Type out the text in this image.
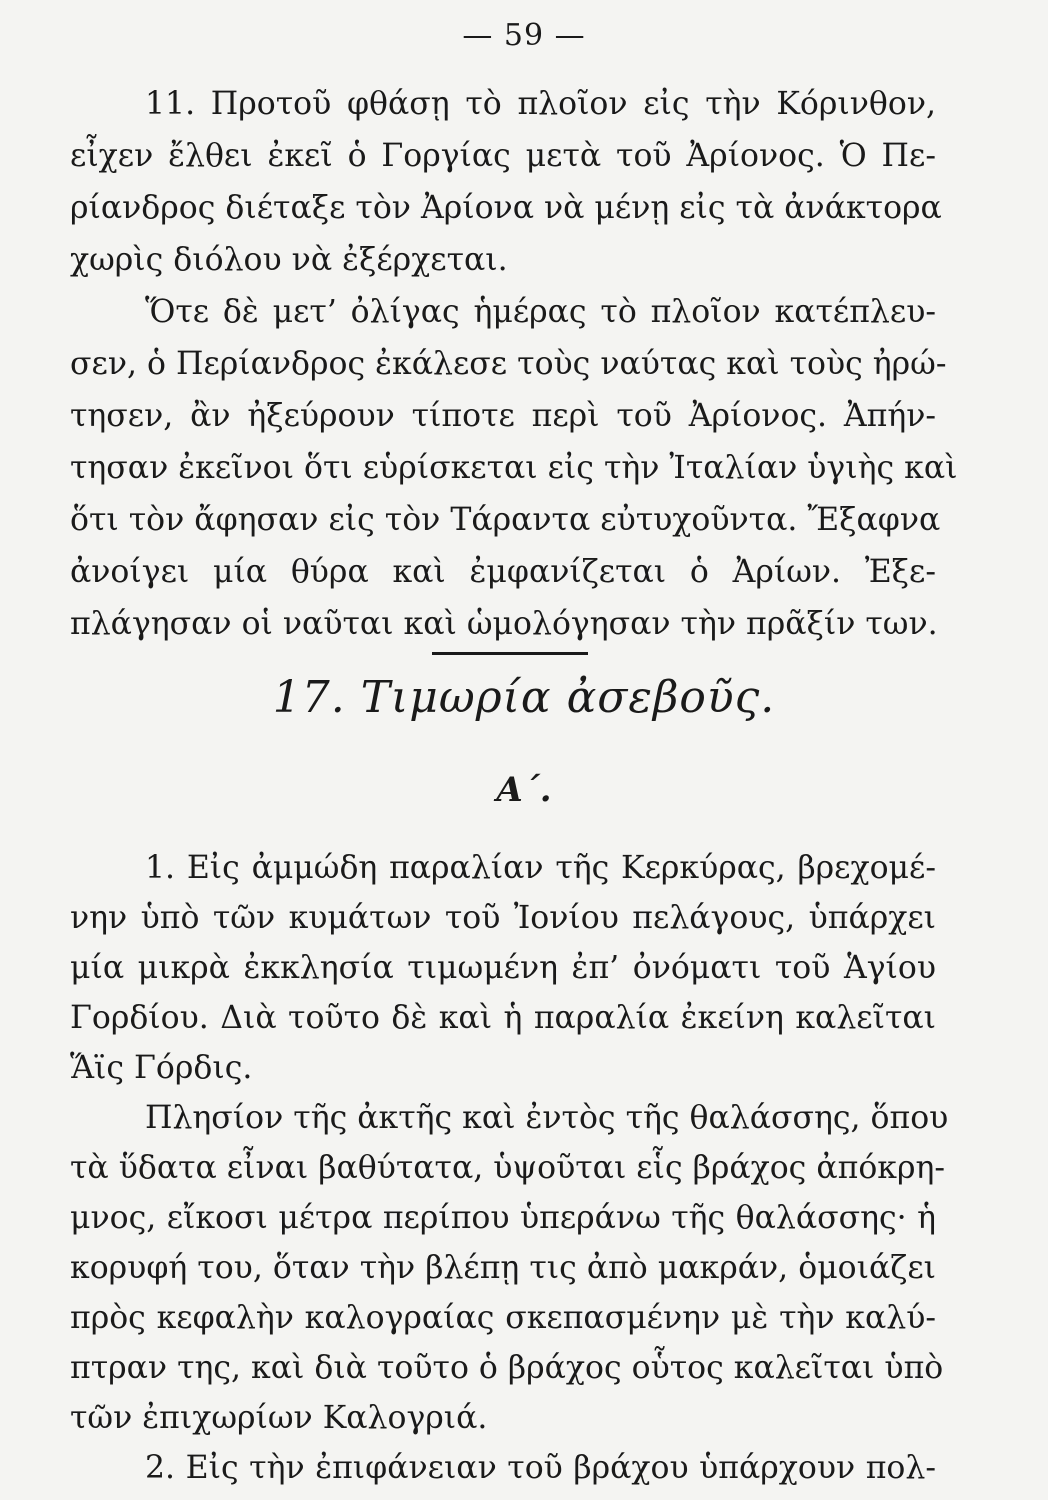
— 59 —
11. Προτοῦ φθάσῃ τὸ πλοῖον εἰς τὴν Κόρινθον,
εἶχεν ἔλθει ἐκεῖ ὁ Γοργίας μετὰ τοῦ Ἀρίονος. Ὁ Πε-
ρίανδρος διέταξε τὸν Ἀρίονα νὰ μένῃ εἰς τὰ ἀνάκτορα
χωρὶς διόλου νὰ ἐξέρχεται.
Ὅτε δὲ μετ’ ὀλίγας ἡμέρας τὸ πλοῖον κατέπλευ-
σεν, ὁ Περίανδρος ἐκάλεσε τοὺς ναύτας καὶ τοὺς ἠρώ-
τησεν, ἂν ἠξεύρουν τίποτε περὶ τοῦ Ἀρίονος. Ἀπήν-
τησαν ἐκεῖνοι ὅτι εὑρίσκεται εἰς τὴν Ἰταλίαν ὑγιὴς καὶ
ὅτι τὸν ἄφησαν εἰς τὸν Τάραντα εὐτυχοῦντα. Ἔξαφνα
ἀνοίγει μία θύρα καὶ ἐμφανίζεται ὁ Ἀρίων. Ἐξε-
πλάγησαν οἱ ναῦται καὶ ὡμολόγησαν τὴν πρᾶξίν των.
17. Τιμωρία ἀσεβοῦς.
Α΄.
1. Εἰς ἀμμώδη παραλίαν τῆς Κερκύρας, βρεχομέ-
νην ὑπὸ τῶν κυμάτων τοῦ Ἰονίου πελάγους, ὑπάρχει
μία μικρὰ ἐκκλησία τιμωμένη ἐπ’ ὀνόματι τοῦ Ἁγίου
Γορδίου. Διὰ τοῦτο δὲ καὶ ἡ παραλία ἐκείνη καλεῖται
Ἅϊς Γόρδις.
Πλησίον τῆς ἀκτῆς καὶ ἐντὸς τῆς θαλάσσης, ὅπου
τὰ ὕδατα εἶναι βαθύτατα, ὑψοῦται εἷς βράχος ἀπόκρη-
μνος, εἴκοσι μέτρα περίπου ὑπεράνω τῆς θαλάσσης· ἡ
κορυφή του, ὅταν τὴν βλέπῃ τις ἀπὸ μακράν, ὁμοιάζει
πρὸς κεφαλὴν καλογραίας σκεπασμένην μὲ τὴν καλύ-
πτραν της, καὶ διὰ τοῦτο ὁ βράχος οὗτος καλεῖται ὑπὸ
τῶν ἐπιχωρίων Καλογριά.
2. Εἰς τὴν ἐπιφάνειαν τοῦ βράχου ὑπάρχουν πολ-
